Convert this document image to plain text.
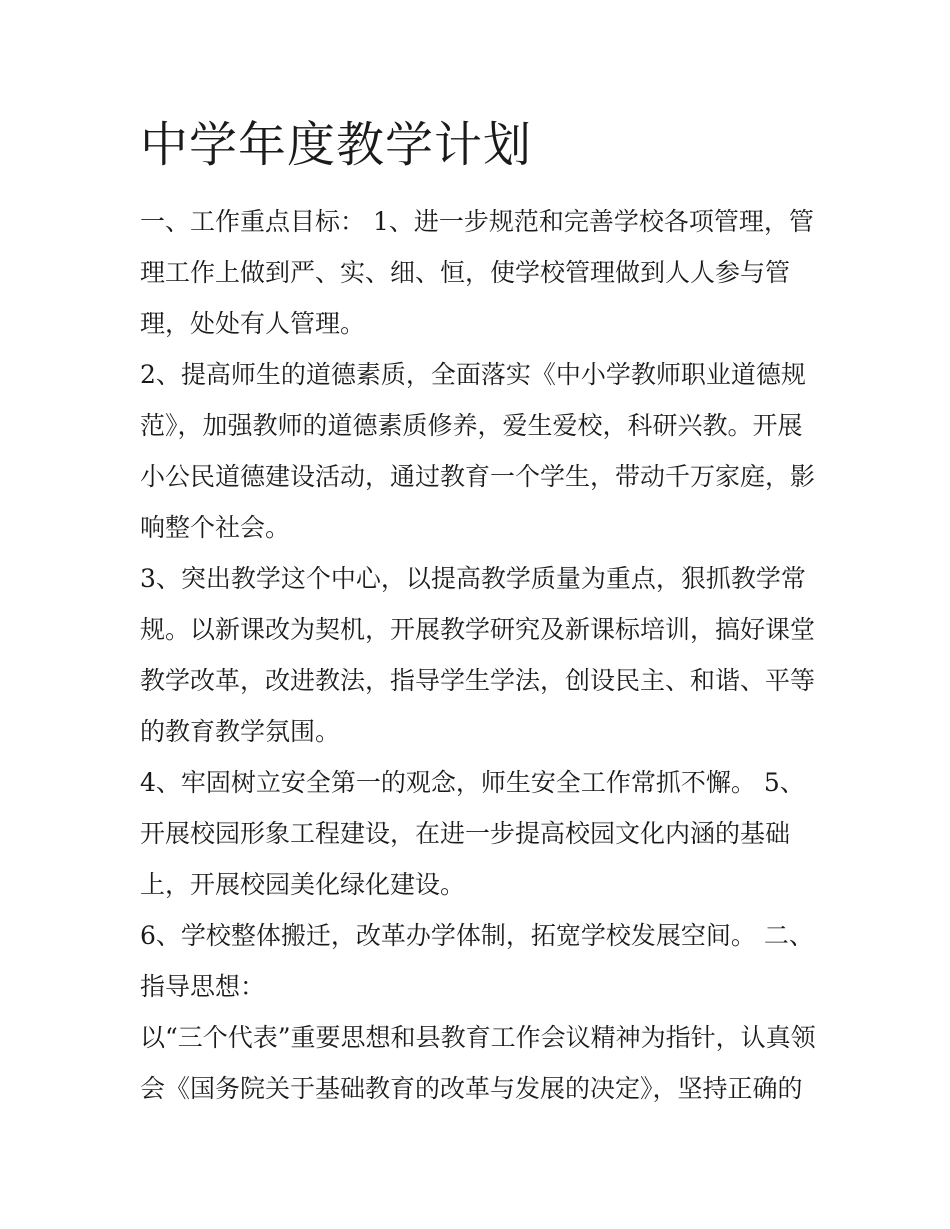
中学年度教学计划
一、工作重点目标： 1、进一步规范和完善学校各项管理，管
理工作上做到严、实、细、恒，使学校管理做到人人参与管
理，处处有人管理。
2、提高师生的道德素质，全面落实《中小学教师职业道德规
范》，加强教师的道德素质修养，爱生爱校，科研兴教。开展
小公民道德建设活动，通过教育一个学生，带动千万家庭，影
响整个社会。
3、突出教学这个中心，以提高教学质量为重点，狠抓教学常
规。以新课改为契机，开展教学研究及新课标培训，搞好课堂
教学改革，改进教法，指导学生学法，创设民主、和谐、平等
的教育教学氛围。
4、牢固树立安全第一的观念，师生安全工作常抓不懈。 5、
开展校园形象工程建设，在进一步提高校园文化内涵的基础
上，开展校园美化绿化建设。
6、学校整体搬迁，改革办学体制，拓宽学校发展空间。 二、
指导思想：
以“三个代表”重要思想和县教育工作会议精神为指针，认真领
会《国务院关于基础教育的改革与发展的决定》，坚持正确的
